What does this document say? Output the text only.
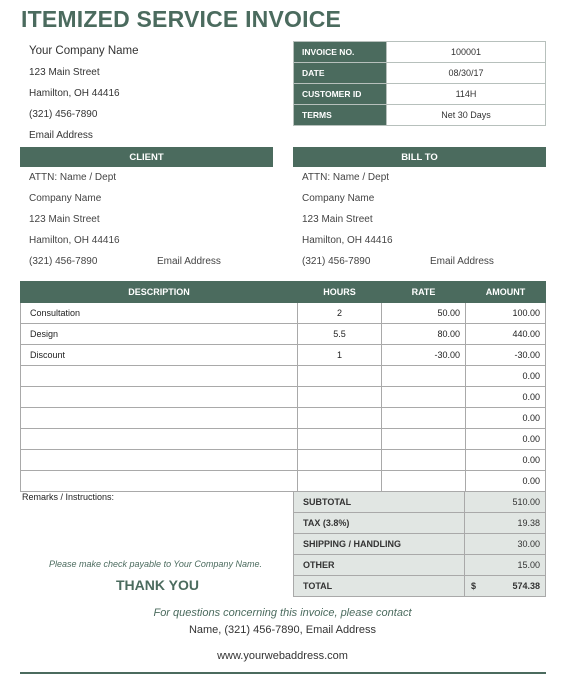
ITEMIZED SERVICE INVOICE
Your Company Name
123 Main Street
Hamilton, OH 44416
(321) 456-7890
Email Address
INVOICE NO.	100001
DATE	08/30/17
CUSTOMER ID	114H
TERMS	Net 30 Days
CLIENT
ATTN: Name / Dept
Company Name
123 Main Street
Hamilton, OH 44416
(321) 456-7890	Email Address
BILL TO
ATTN: Name / Dept
Company Name
123 Main Street
Hamilton, OH 44416
(321) 456-7890	Email Address
DESCRIPTION	HOURS	RATE	AMOUNT
Consultation	2	50.00	100.00
Design	5.5	80.00	440.00
Discount	1	-30.00	-30.00
			0.00
			0.00
			0.00
			0.00
			0.00
			0.00
Remarks / Instructions:	SUBTOTAL	510.00
TAX (3.8%)	19.38
SHIPPING / HANDLING	30.00
OTHER	15.00
TOTAL	$ 574.38
Please make check payable to Your Company Name.
THANK YOU
For questions concerning this invoice, please contact
Name, (321) 456-7890, Email Address
www.yourwebaddress.com
